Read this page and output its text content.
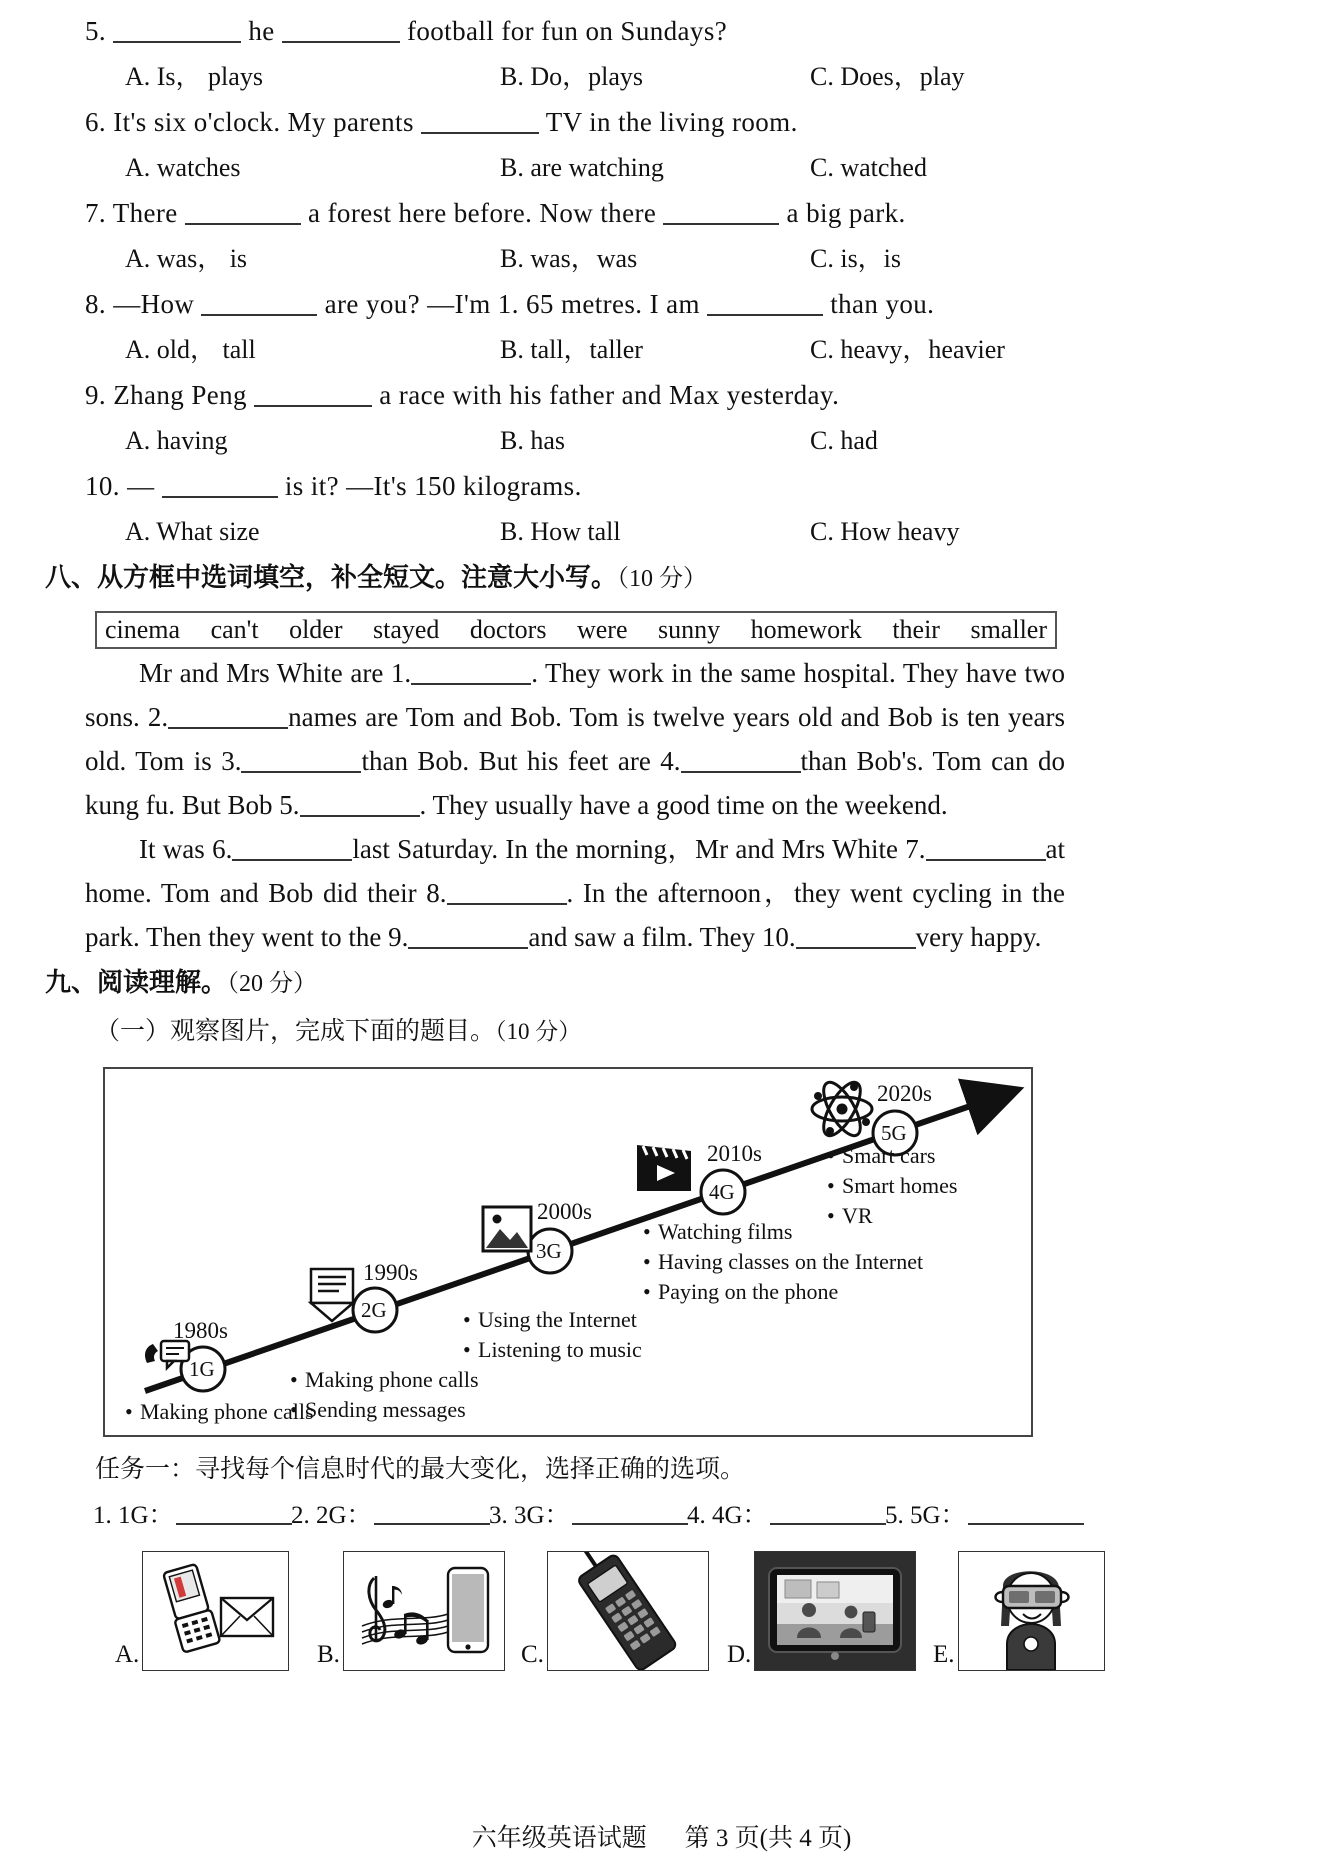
5.	he	football for fun on Sundays?
A. Is， plays	B. Do，plays	C. Does，play
6. It's six o'clock. My parents	TV in the living room.
A. watches	B. are watching	C. watched
7. There	a forest here before. Now there	a big park.
A. was， is	B. was，was	C. is，is
8. —How	are you? —I'm 1. 65 metres. I am	than you.
A. old， tall	B. tall，taller	C. heavy，heavier
9. Zhang Peng	a race with his father and Max yesterday.
A. having	B. has	C. had
10. —	is it? —It's 150 kilograms.
A. What size	B. How tall	C. How heavy
八、从方框中选词填空，补全短文。注意大小写。（10 分）
cinema can't older stayed doctors were sunny homework their smaller

Mr and Mrs White are 1.	. They work in the same hospital. They have two sons. 2.	names are Tom and Bob. Tom is twelve years old and Bob is ten years old. Tom is 3.	than Bob. But his feet are 4.	than Bob's. Tom can do kung fu. But Bob 5.	. They usually have a good time on the weekend.

It was 6.	last Saturday. In the morning，Mr and Mrs White 7.	at home. Tom and Bob did their 8.	. In the afternoon，they went cycling in the park. Then they went to the 9.	and saw a film. They 10.	very happy.

九、阅读理解。（20 分）
（一）观察图片，完成下面的题目。（10 分）
1G
2G
3G
4G
5G
1980s
1990s
2000s
2010s
2020s
• Making phone calls
• Making phone calls
• Sending messages
• Using the Internet
• Listening to music
• Watching films
• Having classes on the Internet
• Paying on the phone
• Smart cars
• Smart homes
• VR
任务一：寻找每个信息时代的最大变化，选择正确的选项。
1. 1G：	2. 2G：	3. 3G：	4. 4G：	5. 5G：
A.	B.	C.	D.	E.
六年级英语试题 第 3 页(共 4 页)
